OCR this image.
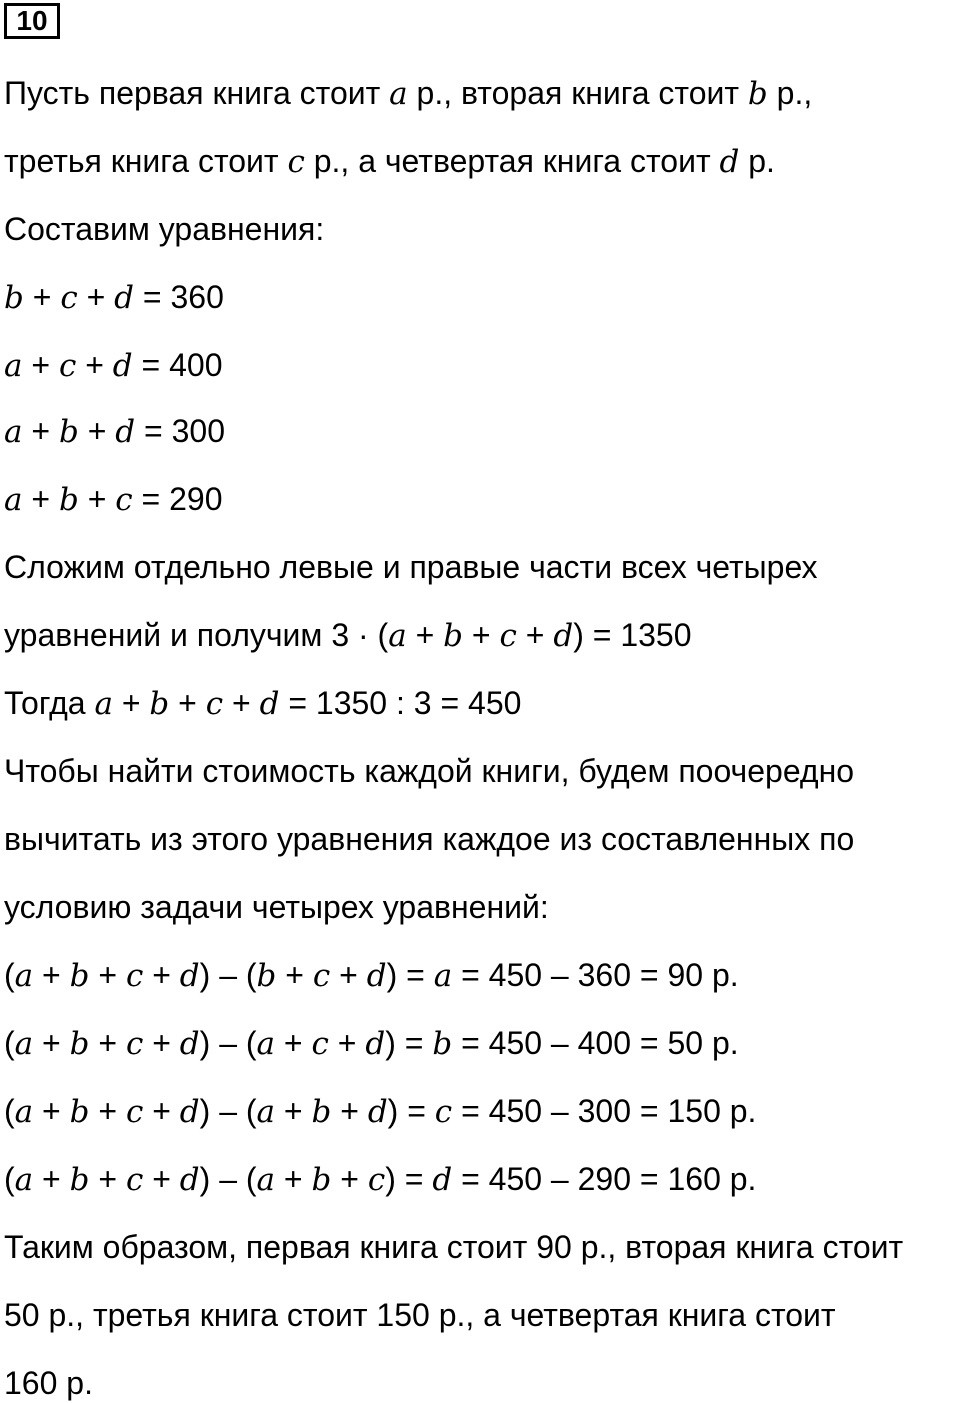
10
Пусть первая книга стоит a р., вторая книга стоит b р.,
третья книга стоит c р., а четвертая книга стоит d р.
Составим уравнения:
b + c + d = 360
a + c + d = 400
a + b + d = 300
a + b + c = 290
Сложим отдельно левые и правые части всех четырех
уравнений и получим 3 · (a + b + c + d) = 1350
Тогда a + b + c + d = 1350 : 3 = 450
Чтобы найти стоимость каждой книги, будем поочередно
вычитать из этого уравнения каждое из составленных по
условию задачи четырех уравнений:
(a + b + c + d) – (b + c + d) = a = 450 – 360 = 90 р.
(a + b + c + d) – (a + c + d) = b = 450 – 400 = 50 р.
(a + b + c + d) – (a + b + d) = c = 450 – 300 = 150 р.
(a + b + c + d) – (a + b + c) = d = 450 – 290 = 160 р.
Таким образом, первая книга стоит 90 р., вторая книга стоит
50 р., третья книга стоит 150 р., а четвертая книга стоит
160 р.
